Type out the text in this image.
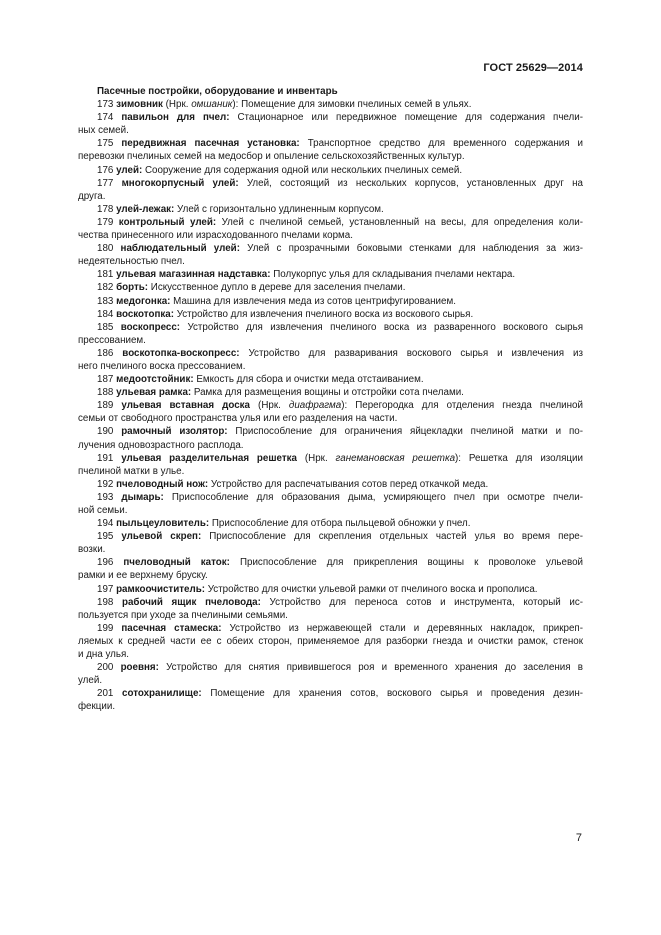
ГОСТ 25629—2014
Пасечные постройки, оборудование и инвентарь
173 зимовник (Нрк. омшаник): Помещение для зимовки пчелиных семей в ульях.
174 павильон для пчел: Стационарное или передвижное помещение для содержания пчели-
ных семей.
175 передвижная пасечная установка: Транспортное средство для временного содержания и
перевозки пчелиных семей на медосбор и опыление сельскохозяйственных культур.
176 улей: Сооружение для содержания одной или нескольких пчелиных семей.
177 многокорпусный улей: Улей, состоящий из нескольких корпусов, установленных друг на
друга.
178 улей-лежак: Улей с горизонтально удлиненным корпусом.
179 контрольный улей: Улей с пчелиной семьей, установленный на весы, для определения коли-
чества принесенного или израсходованного пчелами корма.
180 наблюдательный улей: Улей с прозрачными боковыми стенками для наблюдения за жиз-
недеятельностью пчел.
181 ульевая магазинная надставка: Полукорпус улья для складывания пчелами нектара.
182 борть: Искусственное дупло в дереве для заселения пчелами.
183 медогонка: Машина для извлечения меда из сотов центрифугированием.
184 воскотопка: Устройство для извлечения пчелиного воска из воскового сырья.
185 воскопресс: Устройство для извлечения пчелиного воска из разваренного воскового сырья
прессованием.
186 воскотопка-воскопресс: Устройство для разваривания воскового сырья и извлечения из
него пчелиного воска прессованием.
187 медоотстойник: Емкость для сбора и очистки меда отстаиванием.
188 ульевая рамка: Рамка для размещения вощины и отстройки сота пчелами.
189 ульевая вставная доска (Нрк. диафрагма): Перегородка для отделения гнезда пчелиной
семьи от свободного пространства улья или его разделения на части.
190 рамочный изолятор: Приспособление для ограничения яйцекладки пчелиной матки и по-
лучения одновозрастного расплода.
191 ульевая разделительная решетка (Нрк. ганемановская решетка): Решетка для изоляции
пчелиной матки в улье.
192 пчеловодный нож: Устройство для распечатывания сотов перед откачкой меда.
193 дымарь: Приспособление для образования дыма, усмиряющего пчел при осмотре пчели-
ной семьи.
194 пыльцеуловитель: Приспособление для отбора пыльцевой обножки у пчел.
195 ульевой скреп: Приспособление для скрепления отдельных частей улья во время пере-
возки.
196 пчеловодный каток: Приспособление для прикрепления вощины к проволоке ульевой
рамки и ее верхнему бруску.
197 рамкоочиститель: Устройство для очистки ульевой рамки от пчелиного воска и прополиса.
198 рабочий ящик пчеловода: Устройство для переноса сотов и инструмента, который ис-
пользуется при уходе за пчелиными семьями.
199 пасечная стамеска: Устройство из нержавеющей стали и деревянных накладок, прикреп-
ляемых к средней части ее с обеих сторон, применяемое для разборки гнезда и очистки рамок, стенок
и дна улья.
200 роевня: Устройство для снятия привившегося роя и временного хранения до заселения в
улей.
201 сотохранилище: Помещение для хранения сотов, воскового сырья и проведения дезин-
фекции.
7
